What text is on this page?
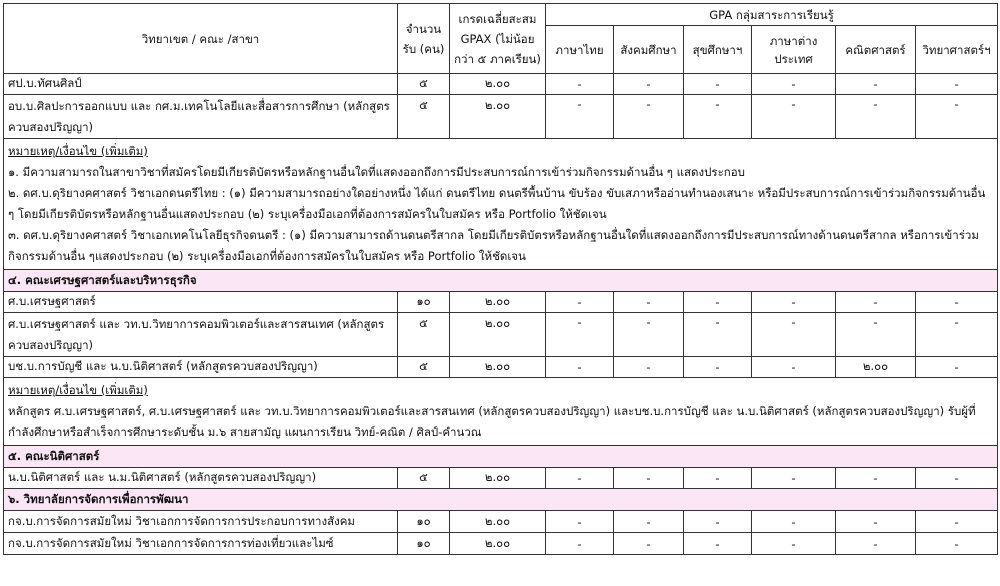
วิทยาเขต / คณะ /สาขา	จำนวนรับ (คน)	เกรดเฉลี่ยสะสม GPAX (ไม่น้อยกว่า ๕ ภาคเรียน)	GPA กลุ่มสาระการเรียนรู้					
			ภาษาไทย	สังคมศึกษา	สุขศึกษาฯ	ภาษาต่างประเทศ	คณิตศาสตร์	วิทยาศาสตร์ฯ
ศป.บ.ทัศนศิลป์	๕	๒.๐๐	-	-	-	-	-	-
อบ.บ.ศิลปะการออกแบบ และ กศ.ม.เทคโนโลยีและสื่อสารการศึกษา (หลักสูตรควบสองปริญญา)	๕	๒.๐๐	-	-	-	-	-	-

หมายเหตุ/เงื่อนไข (เพิ่มเติม)
๑. มีความสามารถในสาขาวิชาที่สมัครโดยมีเกียรติบัตรหรือหลักฐานอื่นใดที่แสดงออกถึงการมีประสบการณ์การเข้าร่วมกิจกรรมด้านอื่น ๆ แสดงประกอบ
๒. ดศ.บ.ดุริยางคศาสตร์ วิชาเอกดนตรีไทย : (๑) มีความสามารถอย่างใดอย่างหนึ่ง ได้แก่ ดนตรีไทย ดนตรีพื้นบ้าน ขับร้อง ขับเสภาหรืออ่านทำนองเสนาะ หรือมีประสบการณ์การเข้าร่วมกิจกรรมด้านอื่น ๆ โดยมีเกียรติบัตรหรือหลักฐานอื่นแสดงประกอบ (๒) ระบุเครื่องมือเอกที่ต้องการสมัครในใบสมัคร หรือ Portfolio ให้ชัดเจน
๓. ดศ.บ.ดุริยางคศาสตร์ วิชาเอกเทคโนโลยีธุรกิจดนตรี : (๑) มีความสามารถด้านดนตรีสากล โดยมีเกียรติบัตรหรือหลักฐานอื่นใดที่แสดงออกถึงการมีประสบการณ์ทางด้านดนตรีสากล หรือการเข้าร่วมกิจกรรมด้านอื่น ๆแสดงประกอบ (๒) ระบุเครื่องมือเอกที่ต้องการสมัครในใบสมัคร หรือ Portfolio ให้ชัดเจน								

๔. คณะเศรษฐศาสตร์และบริหารธุรกิจ								
ศ.บ.เศรษฐศาสตร์	๑๐	๒.๐๐	-	-	-	-	-	-
ศ.บ.เศรษฐศาสตร์ และ วท.บ.วิทยาการคอมพิวเตอร์และสารสนเทศ (หลักสูตรควบสองปริญญา)	๕	๒.๐๐	-	-	-	-	-	-
บช.บ.การบัญชี และ น.บ.นิติศาสตร์ (หลักสูตรควบสองปริญญา)	๕	๒.๐๐	-	-	-	-	๒.๐๐	-

หมายเหตุ/เงื่อนไข (เพิ่มเติม)
หลักสูตร ศ.บ.เศรษฐศาสตร์, ศ.บ.เศรษฐศาสตร์ และ วท.บ.วิทยาการคอมพิวเตอร์และสารสนเทศ (หลักสูตรควบสองปริญญา) และบช.บ.การบัญชี และ น.บ.นิติศาสตร์ (หลักสูตรควบสองปริญญา) รับผู้ที่กำลังศึกษาหรือสำเร็จการศึกษาระดับชั้น ม.๖ สายสามัญ แผนการเรียน วิทย์-คณิต / ศิลป์-คำนวณ								

๕. คณะนิติศาสตร์								
น.บ.นิติศาสตร์ และ น.ม.นิติศาสตร์ (หลักสูตรควบสองปริญญา)	๕	๒.๐๐	-	-	-	-	-	-
๖. วิทยาลัยการจัดการเพื่อการพัฒนา								
กจ.บ.การจัดการสมัยใหม่ วิชาเอกการจัดการการประกอบการทางสังคม	๑๐	๒.๐๐	-	-	-	-	-	-
กจ.บ.การจัดการสมัยใหม่ วิชาเอกการจัดการการท่องเที่ยวและไมซ์	๑๐	๒.๐๐	-	-	-	-	-	-
